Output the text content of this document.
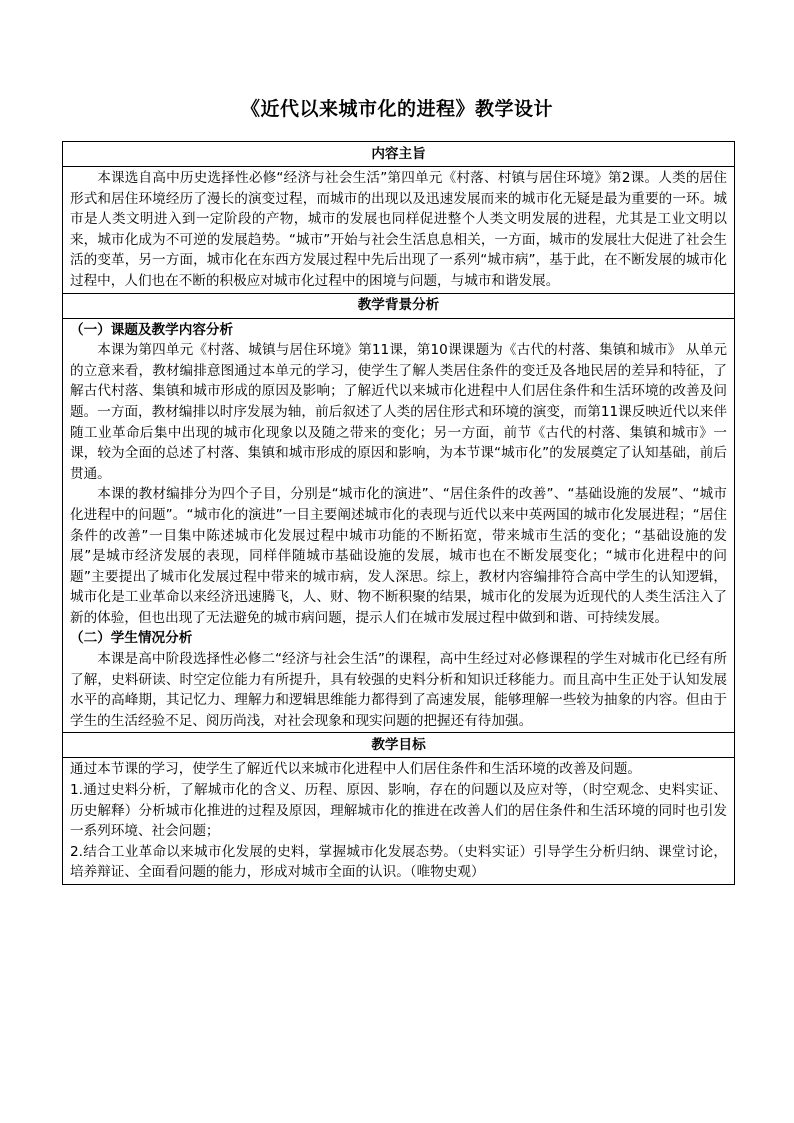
《近代以来城市化的进程》教学设计
内容主旨

本课选自高中历史选择性必修“经济与社会生活”第四单元《村落、村镇与居住环境》第2课。人类的居住形式和居住环境经历了漫长的演变过程，而城市的出现以及迅速发展而来的城市化无疑是最为重要的一环。城市是人类文明进入到一定阶段的产物，城市的发展也同样促进整个人类文明发展的进程，尤其是工业文明以来，城市化成为不可逆的发展趋势。“城市”开始与社会生活息息相关，一方面，城市的发展壮大促进了社会生活的变革，另一方面，城市化在东西方发展过程中先后出现了一系列“城市病”，基于此，在不断发展的城市化过程中，人们也在不断的积极应对城市化过程中的困境与问题，与城市和谐发展。

教学背景分析

（一）课题及教学内容分析

本课为第四单元《村落、城镇与居住环境》第11课，第10课课题为《古代的村落、集镇和城市》 从单元的立意来看，教材编排意图通过本单元的学习，使学生了解人类居住条件的变迁及各地民居的差异和特征，了解古代村落、集镇和城市形成的原因及影响；了解近代以来城市化进程中人们居住条件和生活环境的改善及问题。一方面，教材编排以时序发展为轴，前后叙述了人类的居住形式和环境的演变，而第11课反映近代以来伴随工业革命后集中出现的城市化现象以及随之带来的变化；另一方面，前节《古代的村落、集镇和城市》一课，较为全面的总述了村落、集镇和城市形成的原因和影响，为本节课“城市化”的发展奠定了认知基础，前后贯通。

本课的教材编排分为四个子目，分别是“城市化的演进”、“居住条件的改善”、“基础设施的发展”、“城市化进程中的问题”。“城市化的演进”一目主要阐述城市化的表现与近代以来中英两国的城市化发展进程；“居住条件的改善”一目集中陈述城市化发展过程中城市功能的不断拓宽，带来城市生活的变化；“基础设施的发展”是城市经济发展的表现，同样伴随城市基础设施的发展，城市也在不断发展变化；“城市化进程中的问题”主要提出了城市化发展过程中带来的城市病，发人深思。综上，教材内容编排符合高中学生的认知逻辑，城市化是工业革命以来经济迅速腾飞，人、财、物不断积聚的结果，城市化的发展为近现代的人类生活注入了新的体验，但也出现了无法避免的城市病问题，提示人们在城市发展过程中做到和谐、可持续发展。

（二）学生情况分析

本课是高中阶段选择性必修二“经济与社会生活”的课程，高中生经过对必修课程的学生对城市化已经有所了解，史料研读、时空定位能力有所提升，具有较强的史料分析和知识迁移能力。而且高中生正处于认知发展水平的高峰期，其记忆力、理解力和逻辑思维能力都得到了高速发展，能够理解一些较为抽象的内容。但由于学生的生活经验不足、阅历尚浅，对社会现象和现实问题的把握还有待加强。

教学目标

通过本节课的学习，使学生了解近代以来城市化进程中人们居住条件和生活环境的改善及问题。

1.通过史料分析，了解城市化的含义、历程、原因、影响，存在的问题以及应对等，（时空观念、史料实证、历史解释）分析城市化推进的过程及原因，理解城市化的推进在改善人们的居住条件和生活环境的同时也引发一系列环境、社会问题；

2.结合工业革命以来城市化发展的史料，掌握城市化发展态势。（史料实证）引导学生分析归纳、课堂讨论，培养辩证、全面看问题的能力，形成对城市全面的认识。（唯物史观）
